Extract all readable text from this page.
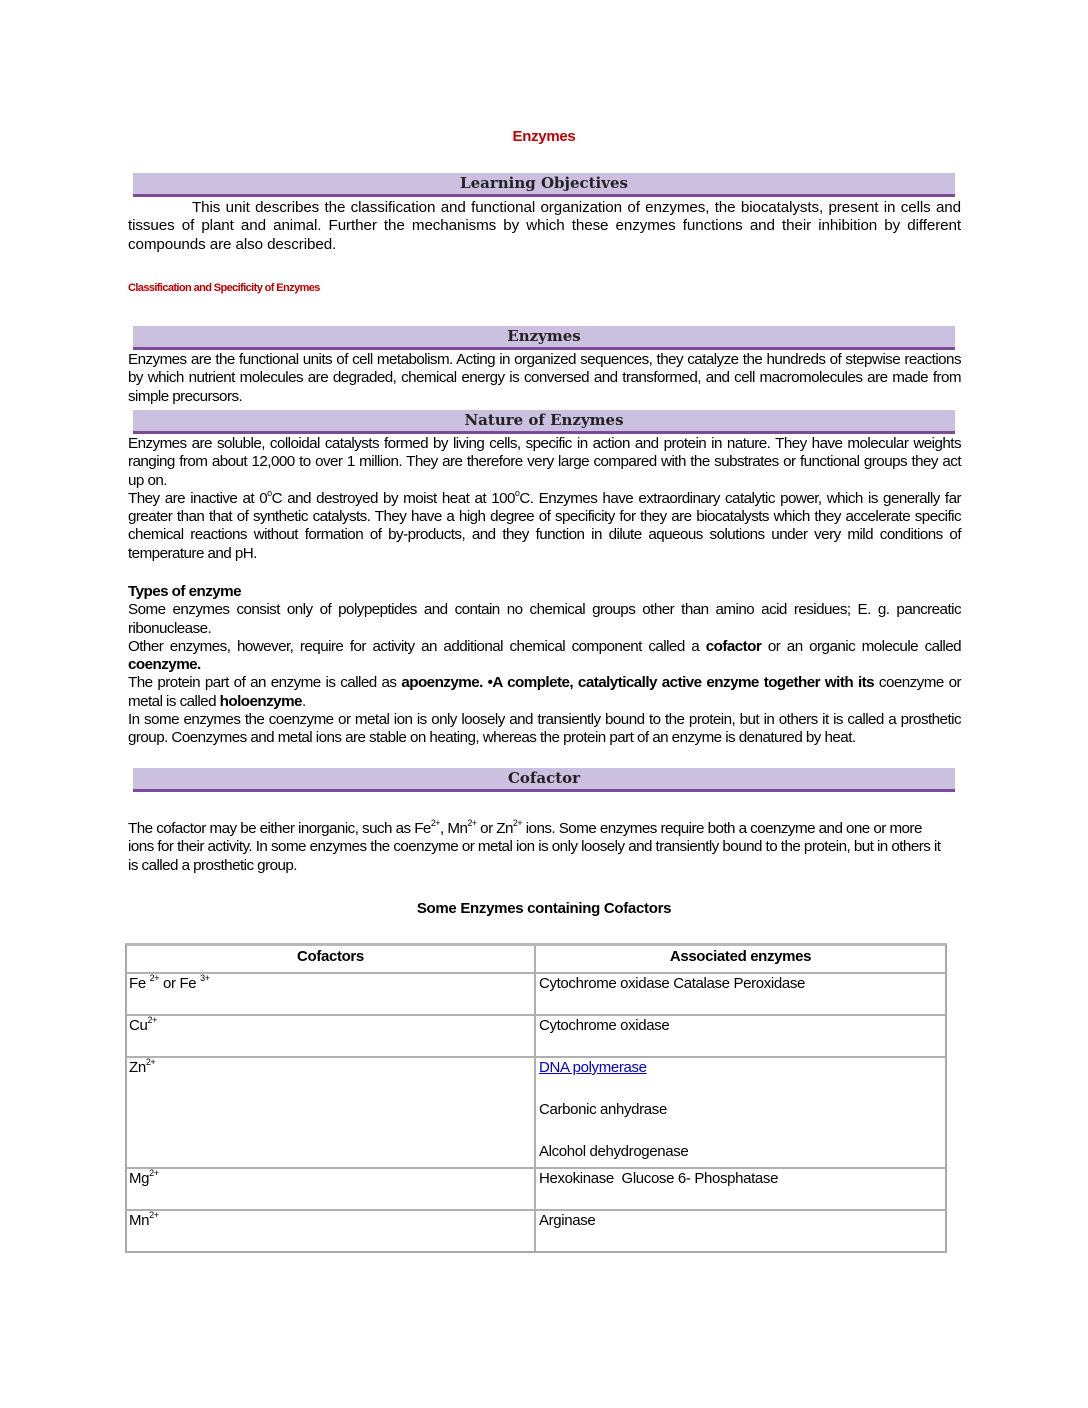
Enzymes
Learning Objectives

This unit describes the classification and functional organization of enzymes, the biocatalysts, present in cells and tissues of plant and animal. Further the mechanisms by which these enzymes functions and their inhibition by different compounds are also described.

Classification and Specificity of Enzymes
Enzymes

Enzymes are the functional units of cell metabolism. Acting in organized sequences, they catalyze the hundreds of stepwise reactions by which nutrient molecules are degraded, chemical energy is conversed and transformed, and cell macromolecules are made from simple precursors.

Nature of Enzymes

Enzymes are soluble, colloidal catalysts formed by living cells, specific in action and protein in nature. They have molecular weights ranging from about 12,000 to over 1 million. They are therefore very large compared with the substrates or functional groups they act up on.

They are inactive at 0$^o$C and destroyed by moist heat at 100$^o$C. Enzymes have extraordinary catalytic power, which is generally far greater than that of synthetic catalysts. They have a high degree of specificity for they are biocatalysts which they accelerate specific chemical reactions without formation of by-products, and they function in dilute aqueous solutions under very mild conditions of temperature and pH.

Types of enzyme

Some enzymes consist only of polypeptides and contain no chemical groups other than amino acid residues; E. g. pancreatic ribonuclease.

Other enzymes, however, require for activity an additional chemical component called a cofactor or an organic molecule called coenzyme.

The protein part of an enzyme is called as apoenzyme. •A complete, catalytically active enzyme together with its coenzyme or metal is called holoenzyme.

In some enzymes the coenzyme or metal ion is only loosely and transiently bound to the protein, but in others it is called a prosthetic group. Coenzymes and metal ions are stable on heating, whereas the protein part of an enzyme is denatured by heat.

Cofactor

The cofactor may be either inorganic, such as $Fe^{2+}$, $Mn^{2+}$ or $Zn^{2+}$ ions. Some enzymes require both a coenzyme and one or more ions for their activity. In some enzymes the coenzyme or metal ion is only loosely and transiently bound to the protein, but in others it is called a prosthetic group.

Some Enzymes containing Cofactors
Cofactors	Associated enzymes
Fe $^{2+}$ or Fe $^{3+}$	Cytochrome oxidase Catalase Peroxidase

$Cu^{2+}$	Cytochrome oxidase

$Zn^{2+}$	DNA polymerase
Carbonic anhydrase
Alcohol dehydrogenase

$Mg^{2+}$	Hexokinase  Glucose 6- Phosphatase

$Mn^{2+}$	Arginase
